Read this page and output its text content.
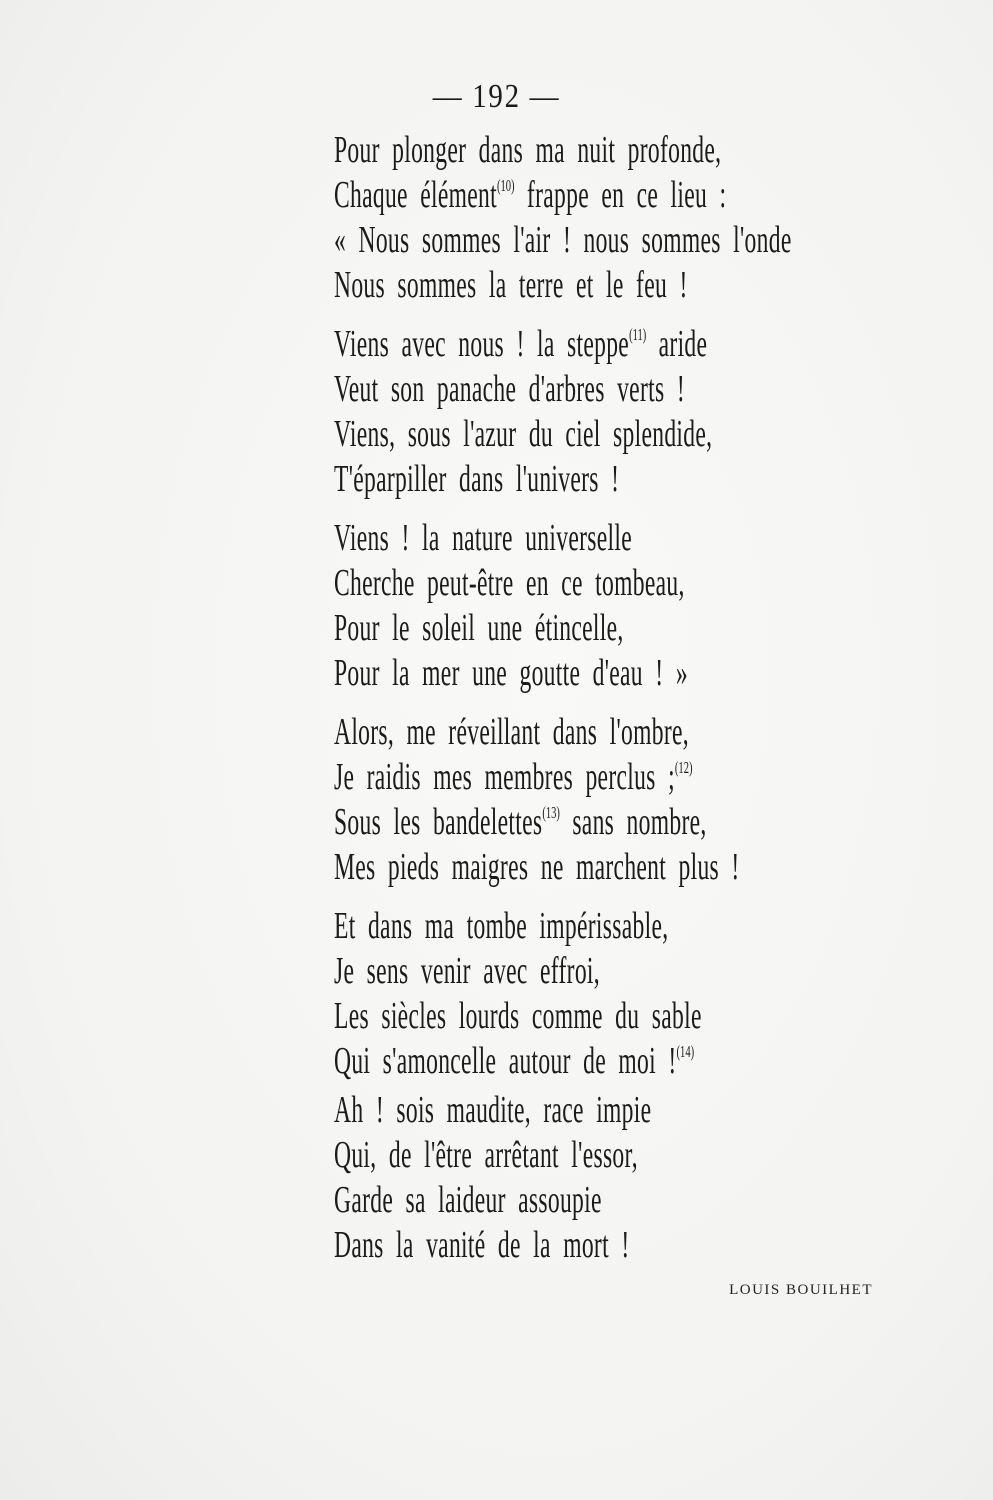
— 192 —
Pour plonger dans ma nuit profonde,
Chaque élément$^{(10)}$ frappe en ce lieu :
« Nous sommes l'air ! nous sommes l'onde
Nous sommes la terre et le feu !
Viens avec nous ! la steppe$^{(11)}$ aride
Veut son panache d'arbres verts !
Viens, sous l'azur du ciel splendide,
T'éparpiller dans l'univers !
Viens ! la nature universelle
Cherche peut-être en ce tombeau,
Pour le soleil une étincelle,
Pour la mer une goutte d'eau ! »
Alors, me réveillant dans l'ombre,
Je raidis mes membres perclus ;$^{(12)}$
Sous les bandelettes$^{(13)}$ sans nombre,
Mes pieds maigres ne marchent plus !
Et dans ma tombe impérissable,
Je sens venir avec effroi,
Les siècles lourds comme du sable
Qui s'amoncelle autour de moi !$^{(14)}$
Ah ! sois maudite, race impie
Qui, de l'être arrêtant l'essor,
Garde sa laideur assoupie
Dans la vanité de la mort !
LOUIS BOUILHET
